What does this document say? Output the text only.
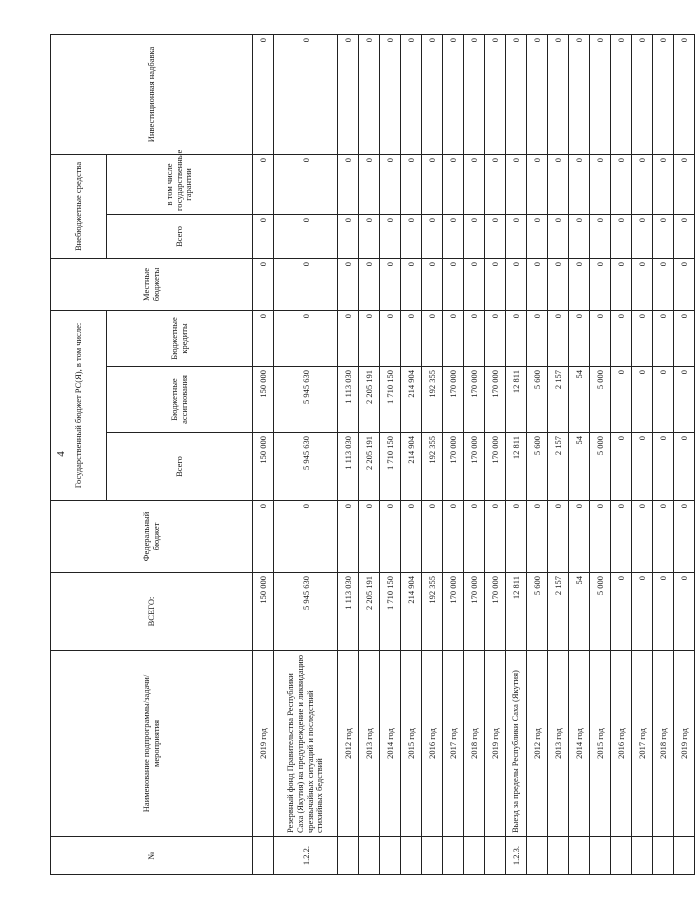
4
№	Наименование подпрограммы/задачи/мероприятия	ВСЕГО:	Федеральный бюджет	Государственный бюджет РС(Я), в том числе:			Местные бюджеты	Внебюджетные средства		Инвестиционная надбавка
				Всего	Бюджетные ассигнования	Бюджетные кредиты		Всего	в том числе государственные гарантии	

	2019 год	150 000	0	150 000	150 000	0	0	0	0	0
1.2.2.	Резервный фонд Правительства Республики Саха (Якутия) на предупреждение и ликвидацию чрезвычайных ситуаций и последствий стихийных бедствий	5 945 630	0	5 945 630	5 945 630	0	0	0	0	0
	2012 год	1 113 030	0	1 113 030	1 113 030	0	0	0	0	0
	2013 год	2 205 191	0	2 205 191	2 205 191	0	0	0	0	0
	2014 год	1 710 150	0	1 710 150	1 710 150	0	0	0	0	0
	2015 год	214 904	0	214 904	214 904	0	0	0	0	0
	2016 год	192 355	0	192 355	192 355	0	0	0	0	0
	2017 год	170 000	0	170 000	170 000	0	0	0	0	0
	2018 год	170 000	0	170 000	170 000	0	0	0	0	0
	2019 год	170 000	0	170 000	170 000	0	0	0	0	0
1.2.3.	Выезд за пределы Республики Саха (Якутия)	12 811	0	12 811	12 811	0	0	0	0	0
	2012 год	5 600	0	5 600	5 600	0	0	0	0	0
	2013 год	2 157	0	2 157	2 157	0	0	0	0	0
	2014 год	54	0	54	54	0	0	0	0	0
	2015 год	5 000	0	5 000	5 000	0	0	0	0	0
	2016 год	0	0	0	0	0	0	0	0	0
	2017 год	0	0	0	0	0	0	0	0	0
	2018 год	0	0	0	0	0	0	0	0	0
	2019 год	0	0	0	0	0	0	0	0	0
